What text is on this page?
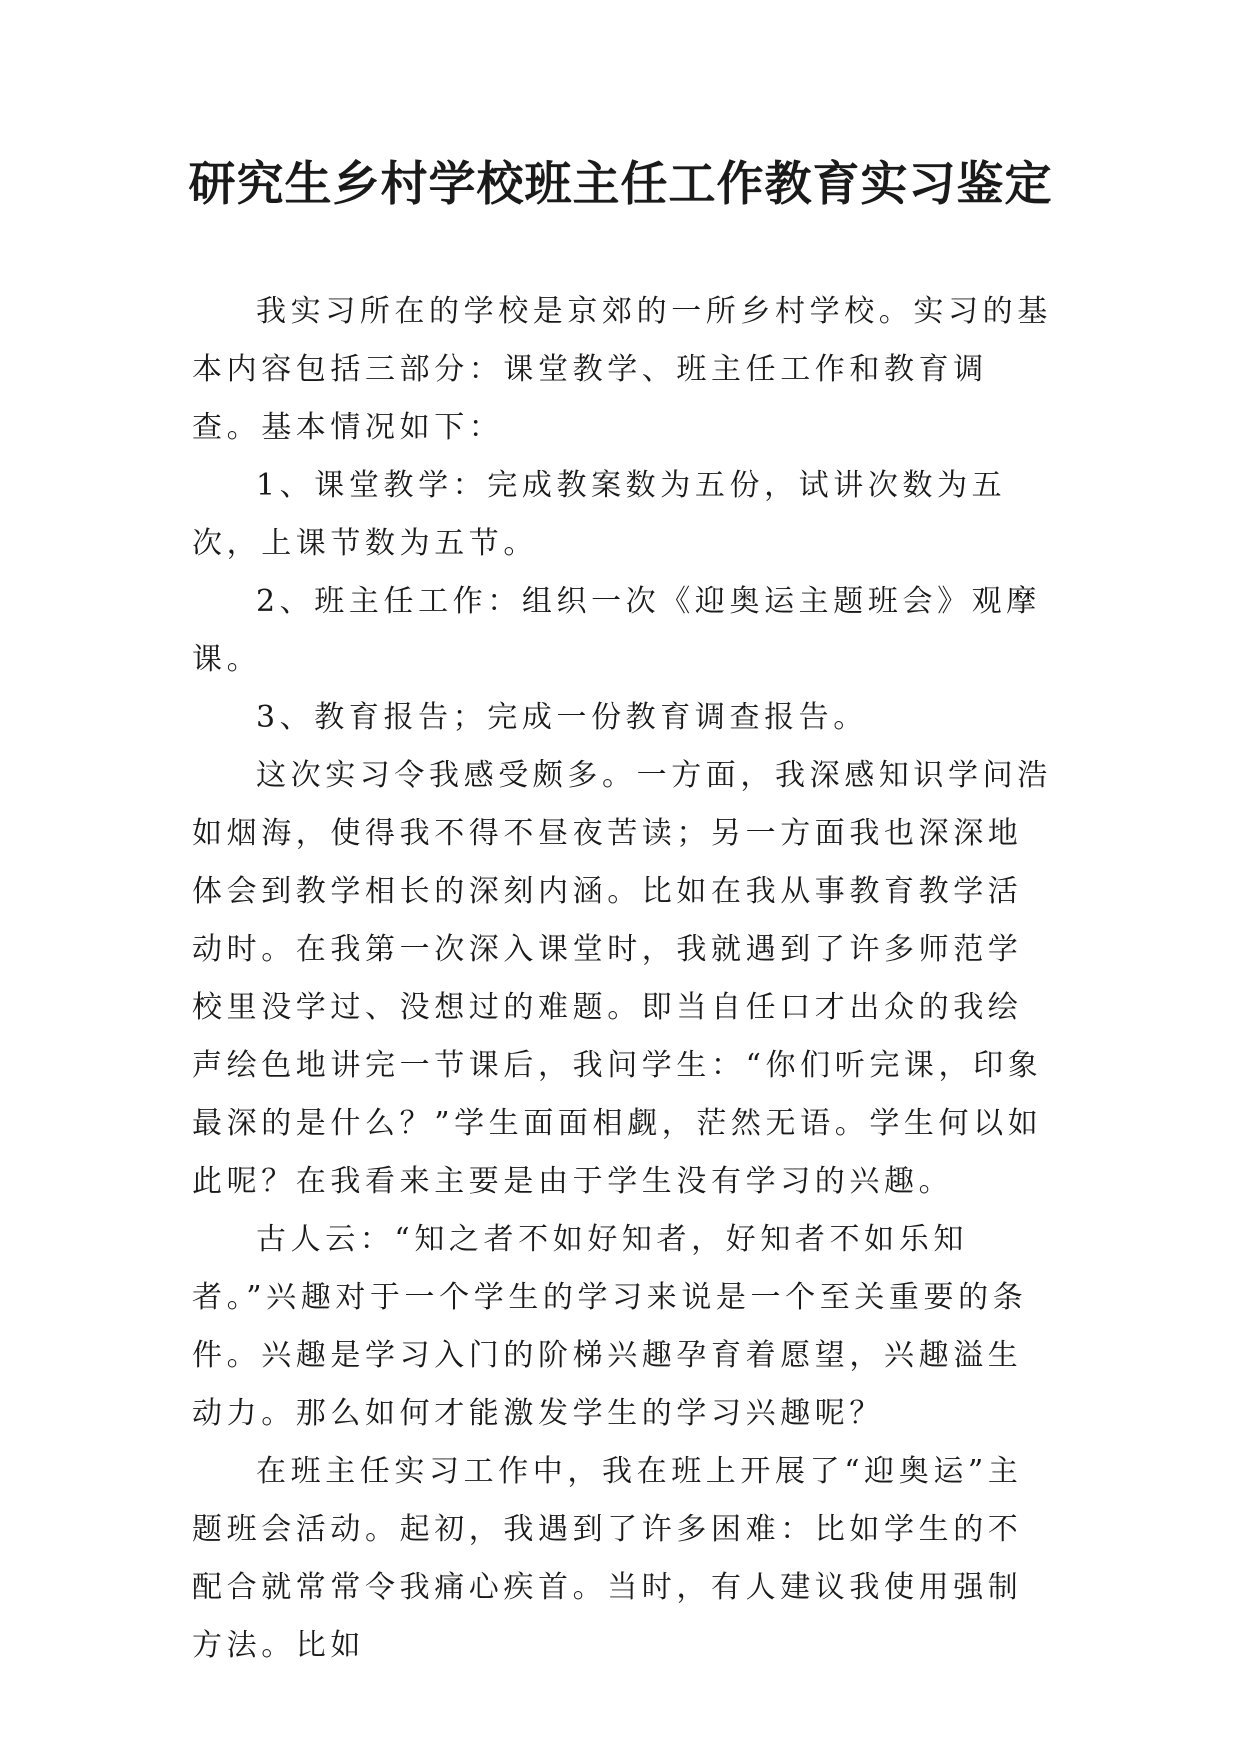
研究生乡村学校班主任工作教育实习鉴定

我实习所在的学校是京郊的一所乡村学校。实习的基本内容包括三部分：课堂教学、班主任工作和教育调查。基本情况如下：

1、课堂教学：完成教案数为五份，试讲次数为五次，上课节数为五节。

2、班主任工作：组织一次《迎奥运主题班会》观摩课。

3、教育报告；完成一份教育调查报告。

这次实习令我感受颇多。一方面，我深感知识学问浩如烟海，使得我不得不昼夜苦读；另一方面我也深深地体会到教学相长的深刻内涵。比如在我从事教育教学活动时。在我第一次深入课堂时，我就遇到了许多师范学校里没学过、没想过的难题。即当自任口才出众的我绘声绘色地讲完一节课后，我问学生：“你们听完课，印象最深的是什么？”学生面面相觑，茫然无语。学生何以如此呢？在我看来主要是由于学生没有学习的兴趣。

古人云：“知之者不如好知者，好知者不如乐知者。”兴趣对于一个学生的学习来说是一个至关重要的条件。兴趣是学习入门的阶梯兴趣孕育着愿望，兴趣溢生动力。那么如何才能激发学生的学习兴趣呢？

在班主任实习工作中，我在班上开展了“迎奥运”主题班会活动。起初，我遇到了许多困难：比如学生的不配合就常常令我痛心疾首。当时，有人建议我使用强制方法。比如
